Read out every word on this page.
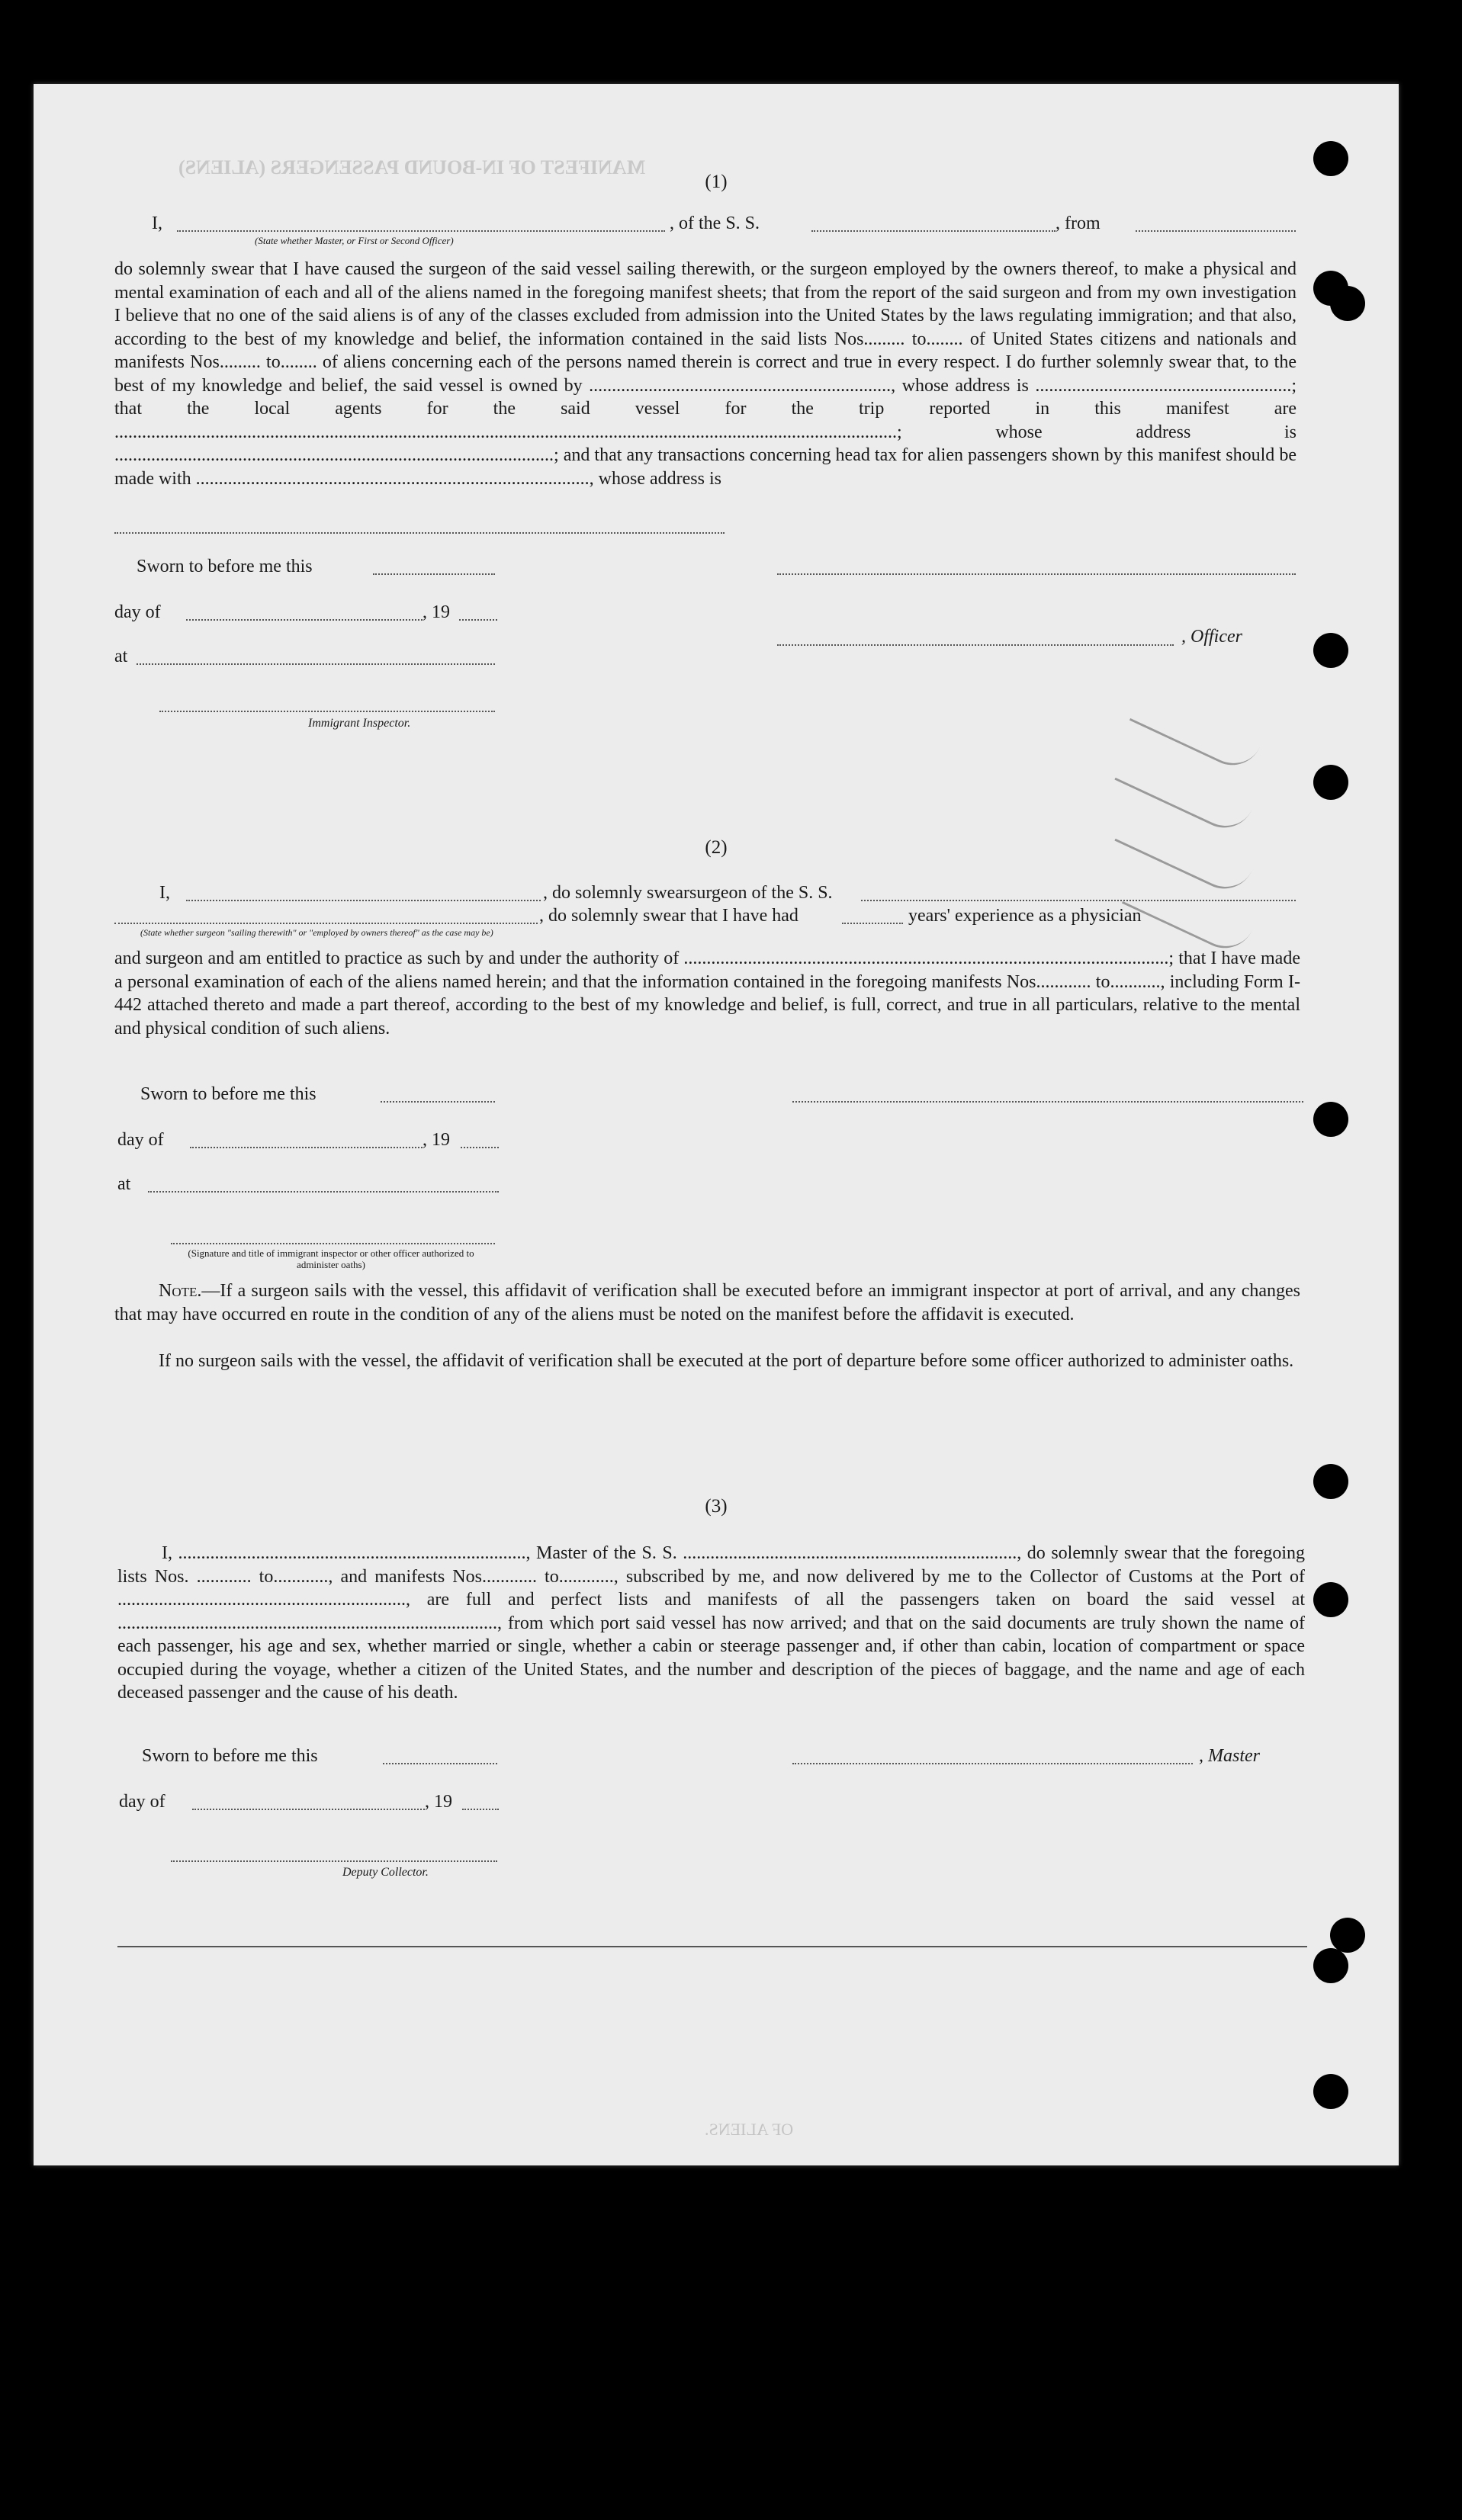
MANIFEST OF IN-BOUND PASSENGERS (ALIENS)
(1)
I,	, of the S. S.	, from
(State whether Master, or First or Second Officer)

do solemnly swear that I have caused the surgeon of the said vessel sailing therewith, or the surgeon employed by the owners thereof, to make a physical and mental examination of each and all of the aliens named in the foregoing manifest sheets; that from the report of the said surgeon and from my own investigation I believe that no one of the said aliens is of any of the classes excluded from admission into the United States by the laws regulating immigration; and that also, according to the best of my knowledge and belief, the information contained in the said lists Nos......... to........ of United States citizens and nationals and manifests Nos......... to........ of aliens concerning each of the persons named therein is correct and true in every respect. I do further solemnly swear that, to the best of my knowledge and belief, the said vessel is owned by .................................................................., whose address is ........................................................; that the local agents for the said vessel for the trip reported in this manifest are ...........................................................................................................................................................................; whose address is ................................................................................................; and that any transactions concerning head tax for alien passengers shown by this manifest should be made with ......................................................................................, whose address is

Sworn to before me this
day of	, 19
, Officer
at
Immigrant Inspector.
(2)
I,	, do solemnly swear surgeon of the S. S.
, do solemnly swear that I have had	years' experience as a physician
(State whether surgeon "sailing therewith" or "employed by owners thereof" as the case may be)

and surgeon and am entitled to practice as such by and under the authority of ..........................................................................................................; that I have made a personal examination of each of the aliens named herein; and that the information contained in the foregoing manifests Nos............ to..........., including Form I-442 attached thereto and made a part thereof, according to the best of my knowledge and belief, is full, correct, and true in all particulars, relative to the mental and physical condition of such aliens.

Sworn to before me this
day of	, 19
at
(Signature and title of immigrant inspector or other officer authorized to administer oaths)

Note.—If a surgeon sails with the vessel, this affidavit of verification shall be executed before an immigrant inspector at port of arrival, and any changes that may have occurred en route in the condition of any of the aliens must be noted on the manifest before the affidavit is executed.

If no surgeon sails with the vessel, the affidavit of verification shall be executed at the port of departure before some officer authorized to administer oaths.

(3)

I, ............................................................................, Master of the S. S. ........................................................................., do solemnly swear that the foregoing lists Nos. ............ to............, and manifests Nos............ to............, subscribed by me, and now delivered by me to the Collector of Customs at the Port of ..............................................................., are full and perfect lists and manifests of all the passengers taken on board the said vessel at ..................................................................................., from which port said vessel has now arrived; and that on the said documents are truly shown the name of each passenger, his age and sex, whether married or single, whether a cabin or steerage passenger and, if other than cabin, location of compartment or space occupied during the voyage, whether a citizen of the United States, and the number and description of the pieces of baggage, and the name and age of each deceased passenger and the cause of his death.

Sworn to before me this	, Master
day of	, 19
Deputy Collector.
OF ALIENS.
